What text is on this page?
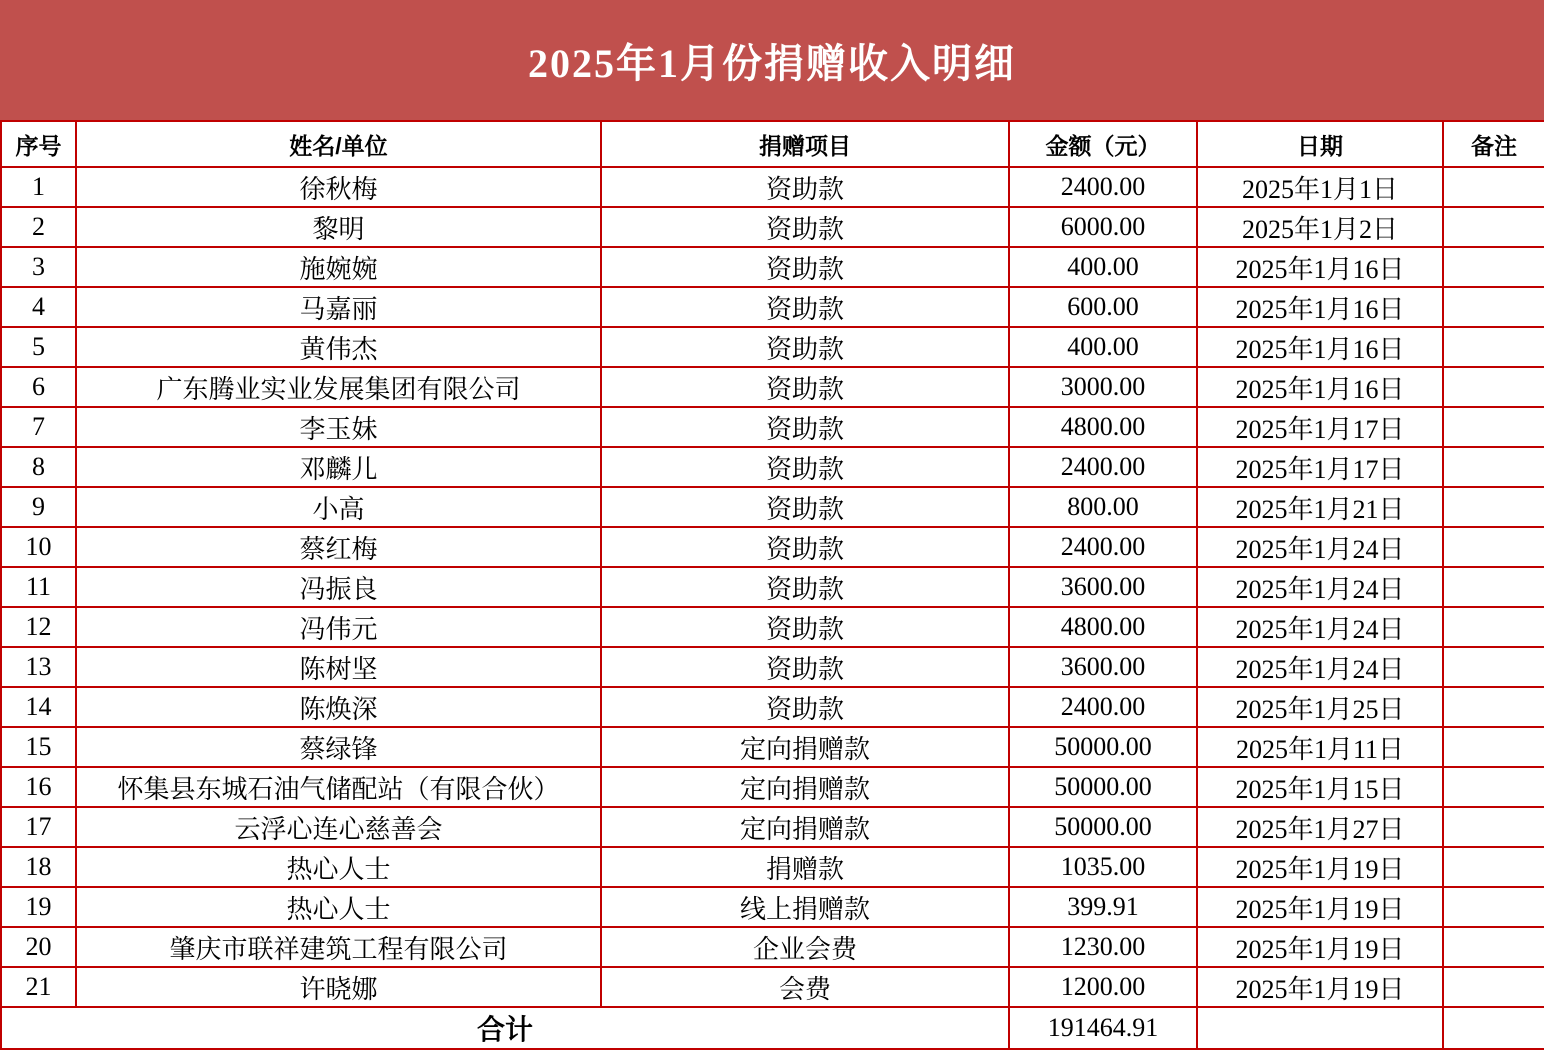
2025年1月份捐赠收入明细
序号	姓名/单位	捐赠项目	金额（元）	日期	备注
1	徐秋梅	资助款	2400.00	2025年1月1日	
2	黎明	资助款	6000.00	2025年1月2日	
3	施婉婉	资助款	400.00	2025年1月16日	
4	马嘉丽	资助款	600.00	2025年1月16日	
5	黄伟杰	资助款	400.00	2025年1月16日	
6	广东腾业实业发展集团有限公司	资助款	3000.00	2025年1月16日	
7	李玉妹	资助款	4800.00	2025年1月17日	
8	邓麟儿	资助款	2400.00	2025年1月17日	
9	小高	资助款	800.00	2025年1月21日	
10	蔡红梅	资助款	2400.00	2025年1月24日	
11	冯振良	资助款	3600.00	2025年1月24日	
12	冯伟元	资助款	4800.00	2025年1月24日	
13	陈树坚	资助款	3600.00	2025年1月24日	
14	陈焕深	资助款	2400.00	2025年1月25日	
15	蔡绿锋	定向捐赠款	50000.00	2025年1月11日	
16	怀集县东城石油气储配站（有限合伙）	定向捐赠款	50000.00	2025年1月15日	
17	云浮心连心慈善会	定向捐赠款	50000.00	2025年1月27日	
18	热心人士	捐赠款	1035.00	2025年1月19日	
19	热心人士	线上捐赠款	399.91	2025年1月19日	
20	肇庆市联祥建筑工程有限公司	企业会费	1230.00	2025年1月19日	
21	许晓娜	会费	1200.00	2025年1月19日	
合计			191464.91		
